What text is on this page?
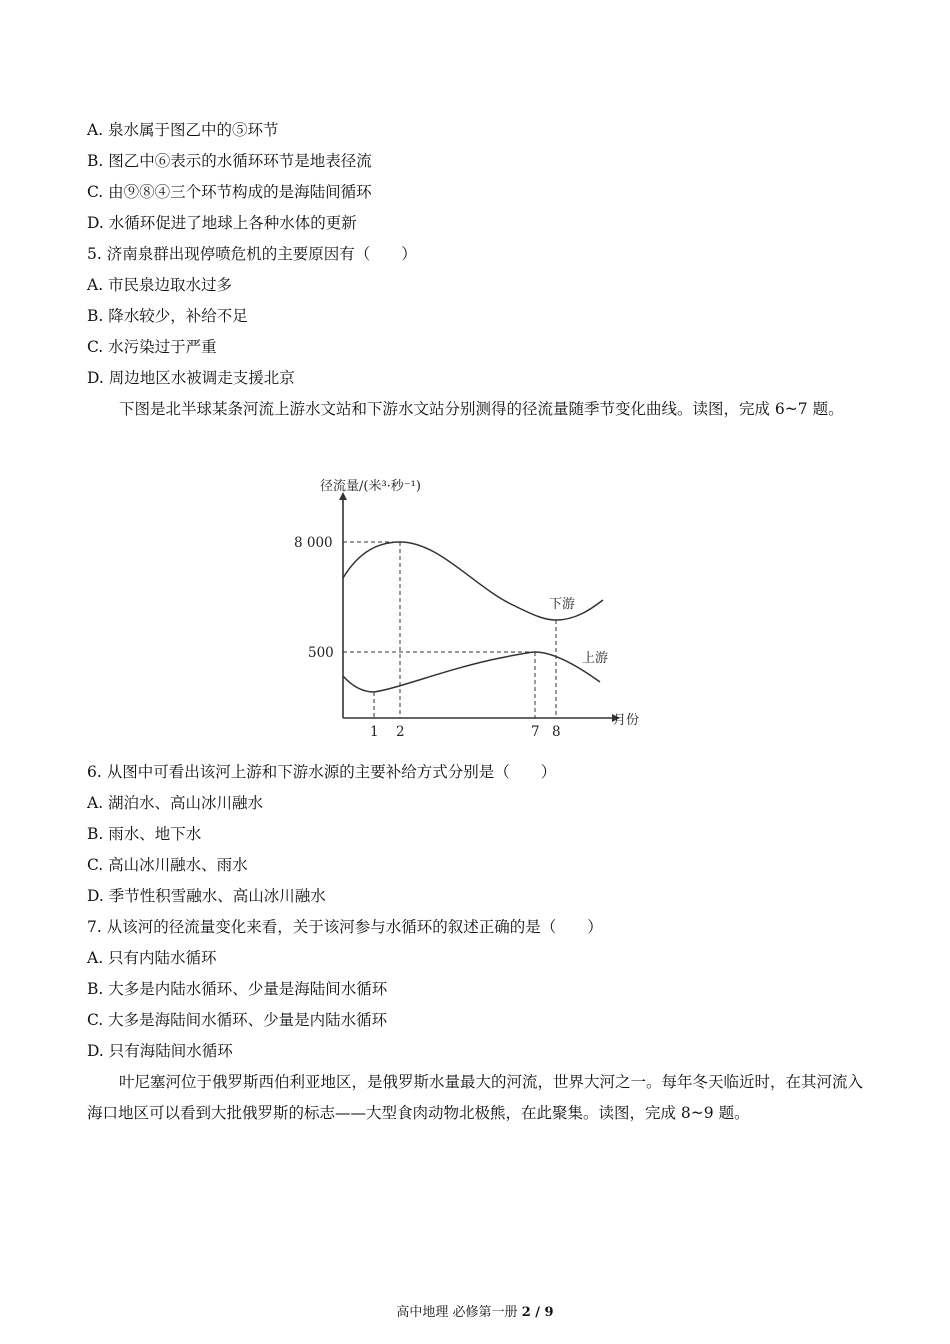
A. 泉水属于图乙中的⑤环节
B. 图乙中⑥表示的水循环环节是地表径流
C. 由⑨⑧④三个环节构成的是海陆间循环
D. 水循环促进了地球上各种水体的更新
5. 济南泉群出现停喷危机的主要原因有（　　）
A. 市民泉边取水过多
B. 降水较少，补给不足
C. 水污染过于严重
D. 周边地区水被调走支援北京
下图是北半球某条河流上游水文站和下游水文站分别测得的径流量随季节变化曲线。读图，完成 6~7 题。
径流量/(米³·秒⁻¹)
月份
8 000
500
下游
上游
1 2	7 8
6. 从图中可看出该河上游和下游水源的主要补给方式分别是（　　）
A. 湖泊水、高山冰川融水
B. 雨水、地下水
C. 高山冰川融水、雨水
D. 季节性积雪融水、高山冰川融水
7. 从该河的径流量变化来看，关于该河参与水循环的叙述正确的是（　　）
A. 只有内陆水循环
B. 大多是内陆水循环、少量是海陆间水循环
C. 大多是海陆间水循环、少量是内陆水循环
D. 只有海陆间水循环
叶尼塞河位于俄罗斯西伯利亚地区，是俄罗斯水量最大的河流，世界大河之一。每年冬天临近时，在其河流入海口地区可以看到大批俄罗斯的标志——大型食肉动物北极熊，在此聚集。读图，完成 8~9 题。
高中地理 必修第一册 2 / 9
